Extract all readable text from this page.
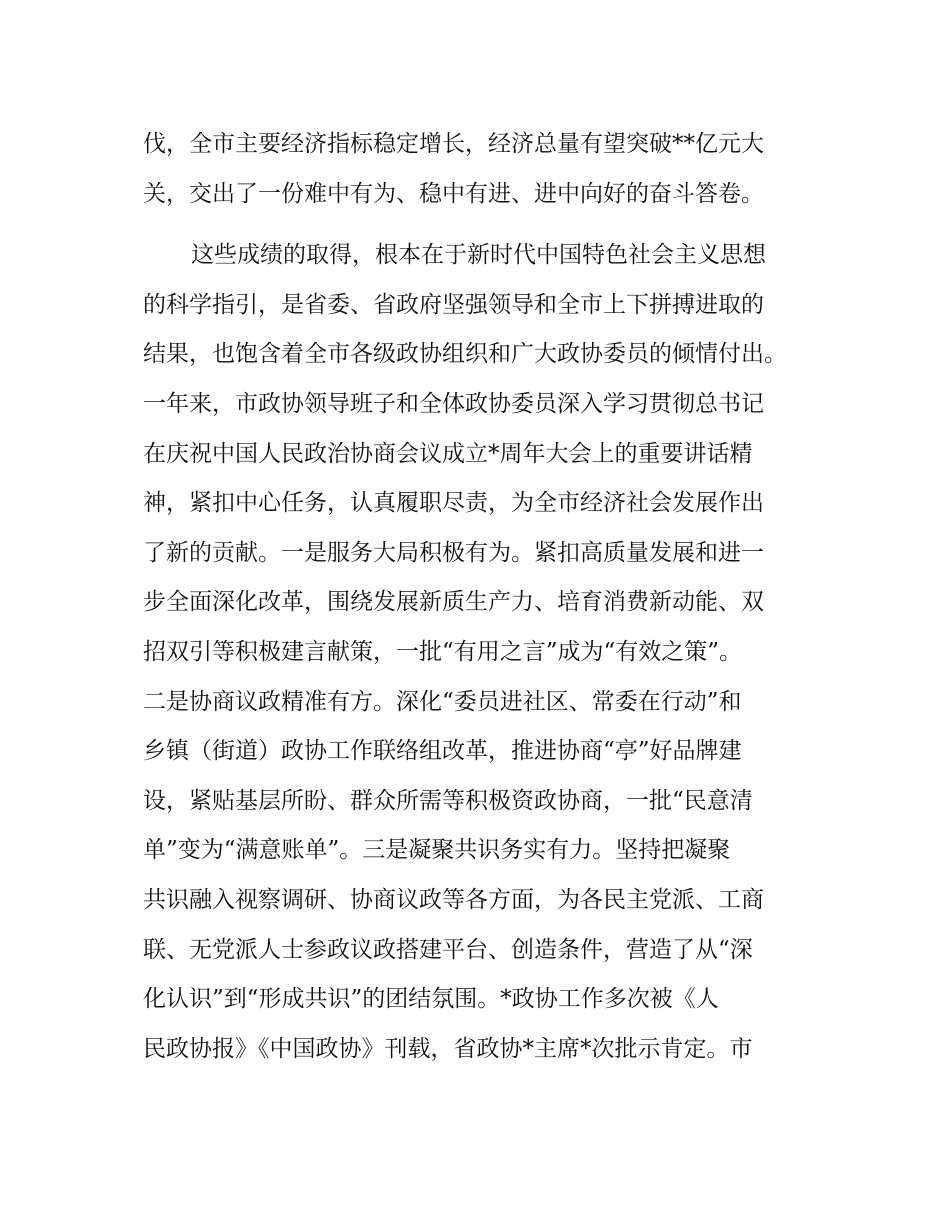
伐，全市主要经济指标稳定增长，经济总量有望突破**亿元大
关，交出了一份难中有为、稳中有进、进中向好的奋斗答卷。
这些成绩的取得，根本在于新时代中国特色社会主义思想
的科学指引，是省委、省政府坚强领导和全市上下拼搏进取的
结果，也饱含着全市各级政协组织和广大政协委员的倾情付出。
一年来，市政协领导班子和全体政协委员深入学习贯彻总书记
在庆祝中国人民政治协商会议成立*周年大会上的重要讲话精
神，紧扣中心任务，认真履职尽责，为全市经济社会发展作出
了新的贡献。一是服务大局积极有为。紧扣高质量发展和进一
步全面深化改革，围绕发展新质生产力、培育消费新动能、双
招双引等积极建言献策，一批“有用之言”成为“有效之策”。
二是协商议政精准有方。深化“委员进社区、常委在行动”和
乡镇（街道）政协工作联络组改革，推进协商“亭”好品牌建
设，紧贴基层所盼、群众所需等积极资政协商，一批“民意清
单”变为“满意账单”。三是凝聚共识务实有力。坚持把凝聚
共识融入视察调研、协商议政等各方面，为各民主党派、工商
联、无党派人士参政议政搭建平台、创造条件，营造了从“深
化认识”到“形成共识”的团结氛围。*政协工作多次被《人
民政协报》《中国政协》刊载，省政协*主席*次批示肯定。市
